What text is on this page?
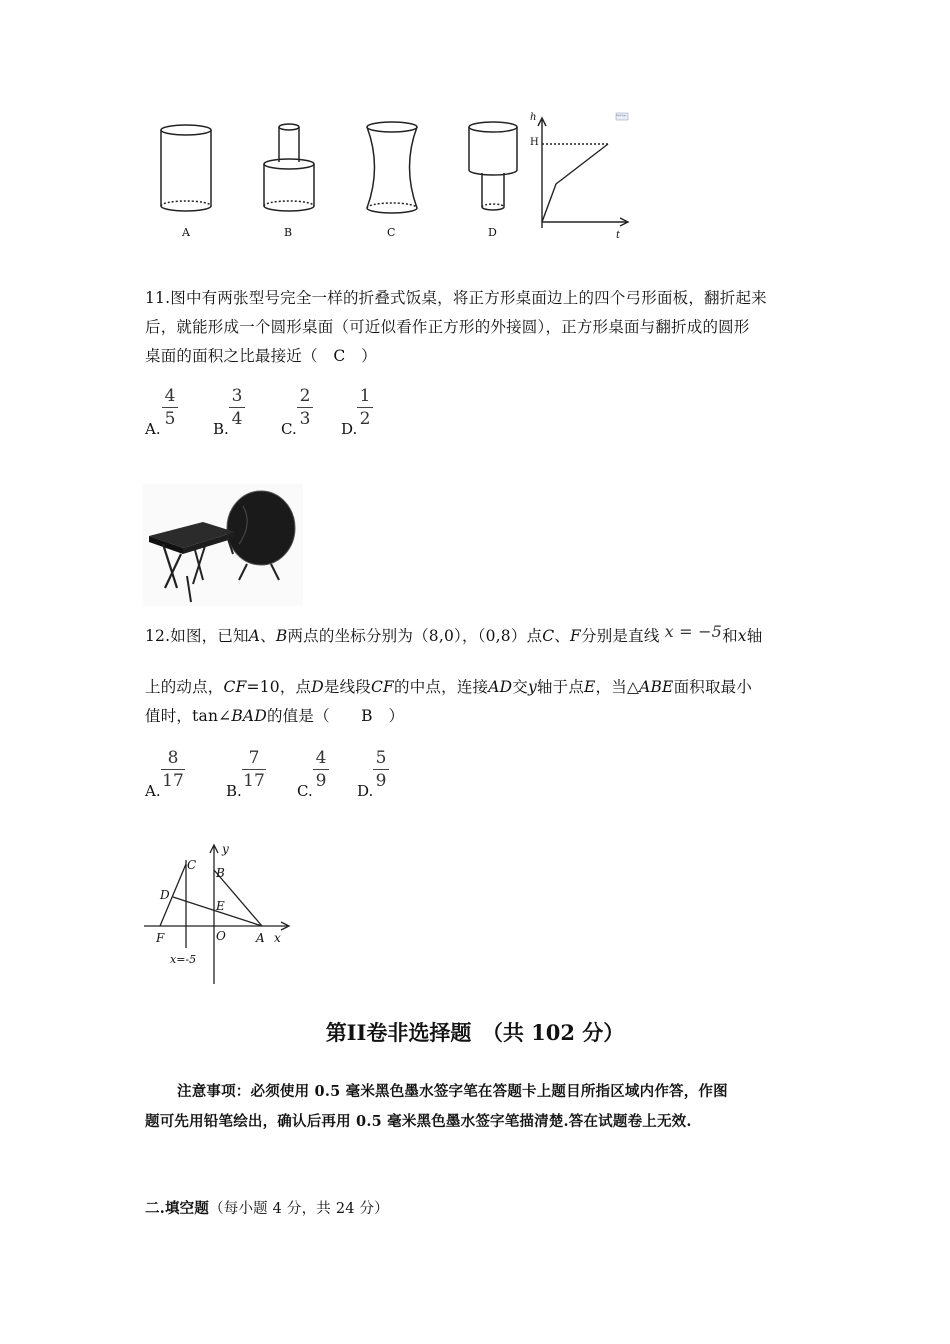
A	B	C	D
h
H
t
MathType
11.图中有两张型号完全一样的折叠式饭桌，将正方形桌面边上的四个弓形面板，翻折起来
后，就能形成一个圆形桌面（可近似看作正方形的外接圆），正方形桌面与翻折成的圆形
桌面的面积之比最接近（　C　）
A.
4
5	B.
3
4	C.
2
3 D.
1
2
12.如图，已知A、B两点的坐标分别为（8,0），（0,8）点C、F分别是直线 x = −5和x轴
上的动点，CF=10，点D是线段CF的中点，连接AD交y轴于点E，当△ABE面积取最小
值时，tan∠BAD的值是（　　B　）
A.
8
17	B.
7
17 C.
4
9 D.
5
9
y
C
B
D
E
F	O	A x
x=-5
第II卷非选择题　（共 102 分）
注意事项：必须使用 0.5 毫米黑色墨水签字笔在答题卡上题目所指区域内作答，作图
题可先用铅笔绘出，确认后再用 0.5 毫米黑色墨水签字笔描清楚.答在试题卷上无效.
二.填空题（每小题 4 分，共 24 分）
